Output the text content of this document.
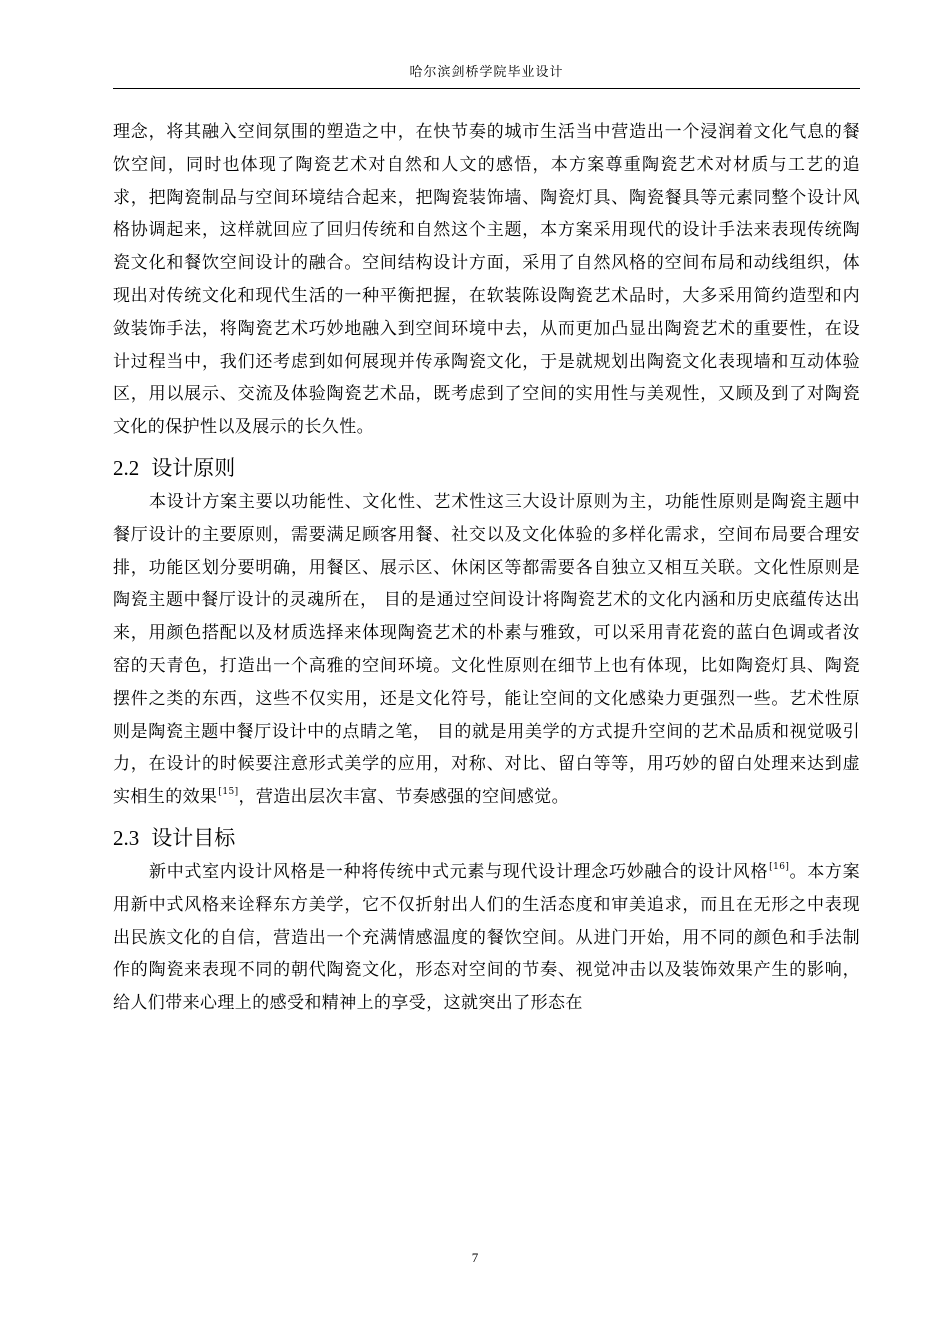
哈尔滨剑桥学院毕业设计

理念，将其融入空间氛围的塑造之中，在快节奏的城市生活当中营造出一个浸润着文化气息的餐饮空间，同时也体现了陶瓷艺术对自然和人文的感悟，本方案尊重陶瓷艺术对材质与工艺的追求，把陶瓷制品与空间环境结合起来，把陶瓷装饰墙、陶瓷灯具、陶瓷餐具等元素同整个设计风格协调起来，这样就回应了回归传统和自然这个主题，本方案采用现代的设计手法来表现传统陶瓷文化和餐饮空间设计的融合。空间结构设计方面，采用了自然风格的空间布局和动线组织，体现出对传统文化和现代生活的一种平衡把握，在软装陈设陶瓷艺术品时，大多采用简约造型和内敛装饰手法，将陶瓷艺术巧妙地融入到空间环境中去，从而更加凸显出陶瓷艺术的重要性，在设计过程当中，我们还考虑到如何展现并传承陶瓷文化，于是就规划出陶瓷文化表现墙和互动体验区，用以展示、交流及体验陶瓷艺术品，既考虑到了空间的实用性与美观性，又顾及到了对陶瓷文化的保护性以及展示的长久性。

2.2 设计原则

本设计方案主要以功能性、文化性、艺术性这三大设计原则为主，功能性原则是陶瓷主题中餐厅设计的主要原则，需要满足顾客用餐、社交以及文化体验的多样化需求，空间布局要合理安排，功能区划分要明确，用餐区、展示区、休闲区等都需要各自独立又相互关联。文化性原则是陶瓷主题中餐厅设计的灵魂所在， 目的是通过空间设计将陶瓷艺术的文化内涵和历史底蕴传达出来，用颜色搭配以及材质选择来体现陶瓷艺术的朴素与雅致，可以采用青花瓷的蓝白色调或者汝窑的天青色，打造出一个高雅的空间环境。文化性原则在细节上也有体现，比如陶瓷灯具、陶瓷摆件之类的东西，这些不仅实用，还是文化符号，能让空间的文化感染力更强烈一些。艺术性原则是陶瓷主题中餐厅设计中的点睛之笔， 目的就是用美学的方式提升空间的艺术品质和视觉吸引力，在设计的时候要注意形式美学的应用，对称、对比、留白等等，用巧妙的留白处理来达到虚实相生的效果[15]，营造出层次丰富、节奏感强的空间感觉。

2.3 设计目标

新中式室内设计风格是一种将传统中式元素与现代设计理念巧妙融合的设计风格[16]。本方案用新中式风格来诠释东方美学，它不仅折射出人们的生活态度和审美追求，而且在无形之中表现出民族文化的自信，营造出一个充满情感温度的餐饮空间。从进门开始，用不同的颜色和手法制作的陶瓷来表现不同的朝代陶瓷文化，形态对空间的节奏、视觉冲击以及装饰效果产生的影响，给人们带来心理上的感受和精神上的享受，这就突出了形态在

7
